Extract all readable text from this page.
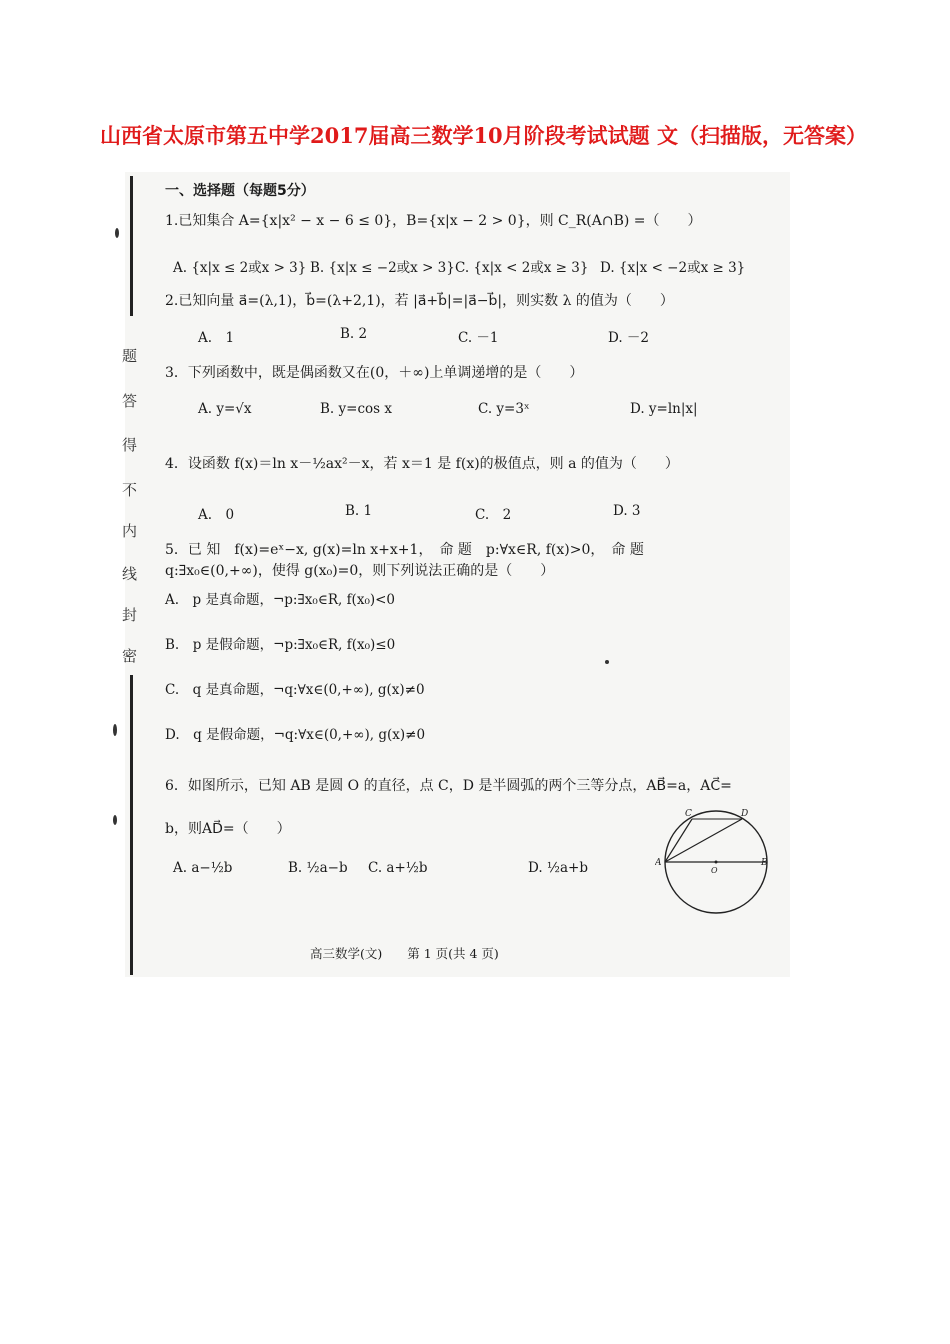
山西省太原市第五中学2017届高三数学10月阶段考试试题 文（扫描版，无答案）
题
答
得
不
内
线
封
密
一、选择题（每题5分）
1.已知集合 A={x|x² − x − 6 ≤ 0}，B={x|x − 2 > 0}，则 C_R(A∩B) =（　　）
A. {x|x ≤ 2或x > 3} B. {x|x ≤ −2或x > 3} C. {x|x < 2或x ≥ 3} D. {x|x < −2或x ≥ 3}
2.已知向量 a⃗=(λ,1)，b⃗=(λ+2,1)，若 |a⃗+b⃗|=|a⃗−b⃗|，则实数 λ 的值为（　　）
A.　1	B. 2	C. －1	D. －2
3．下列函数中，既是偶函数又在(0，＋∞)上单调递增的是（　　）
A. y=√x	B. y=cos x	C. y=3ˣ	D. y=ln|x|
4．设函数 f(x)＝ln x－½ax²－x，若 x＝1 是 f(x)的极值点，则 a 的值为（　　）
A.　0	B. 1	C.　2	D. 3
5．已 知　f(x)=eˣ−x, g(x)=ln x+x+1，　命 题　p:∀x∈R, f(x)>0，　命 题
q:∃x₀∈(0,+∞)，使得 g(x₀)=0，则下列说法正确的是（　　）
A.　p 是真命题，¬p:∃x₀∈R, f(x₀)<0
B.　p 是假命题，¬p:∃x₀∈R, f(x₀)≤0
C.　q 是真命题，¬q:∀x∈(0,+∞), g(x)≠0
D.　q 是假命题，¬q:∀x∈(0,+∞), g(x)≠0
6．如图所示，已知 AB 是圆 O 的直径，点 C，D 是半圆弧的两个三等分点，AB⃗=a，AC⃗=
b，则AD⃗=（　　）
A. a−½b	B. ½a−b C. a+½b	D. ½a+b	A	B
C	D
O
高三数学(文)　　第 1 页(共 4 页)
